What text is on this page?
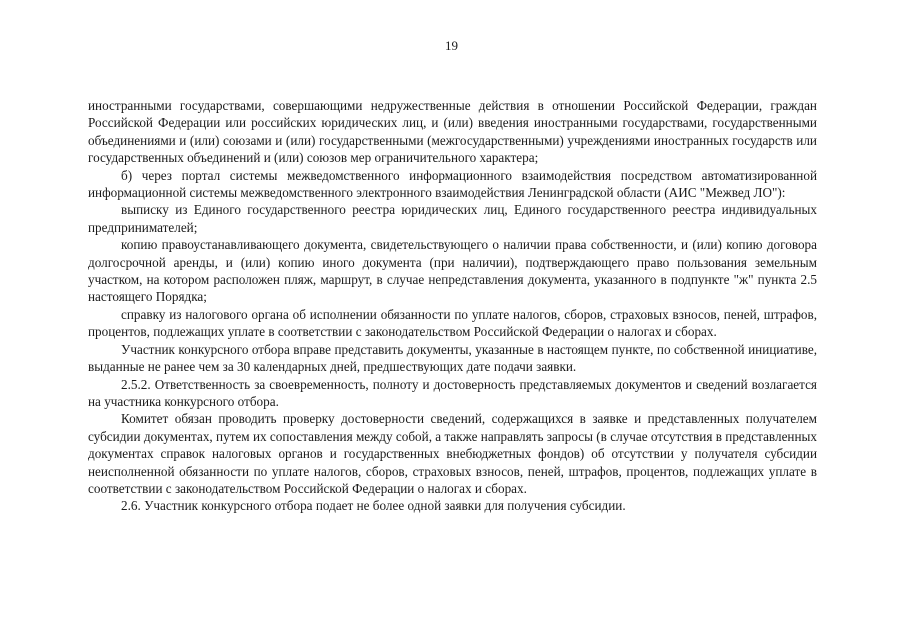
19

иностранными государствами, совершающими недружественные действия в отношении Российской Федерации, граждан Российской Федерации или российских юридических лиц, и (или) введения иностранными государствами, государственными объединениями и (или) союзами и (или) государственными (межгосударственными) учреждениями иностранных государств или государственных объединений и (или) союзов мер ограничительного характера;

б) через портал системы межведомственного информационного взаимодействия посредством автоматизированной информационной системы межведомственного электронного взаимодействия Ленинградской области (АИС "Межвед ЛО"):

выписку из Единого государственного реестра юридических лиц, Единого государственного реестра индивидуальных предпринимателей;

копию правоустанавливающего документа, свидетельствующего о наличии права собственности, и (или) копию договора долгосрочной аренды, и (или) копию иного документа (при наличии), подтверждающего право пользования земельным участком, на котором расположен пляж, маршрут, в случае непредставления документа, указанного в подпункте "ж" пункта 2.5 настоящего Порядка;

справку из налогового органа об исполнении обязанности по уплате налогов, сборов, страховых взносов, пеней, штрафов, процентов, подлежащих уплате в соответствии с законодательством Российской Федерации о налогах и сборах.

Участник конкурсного отбора вправе представить документы, указанные в настоящем пункте, по собственной инициативе, выданные не ранее чем за 30 календарных дней, предшествующих дате подачи заявки.

2.5.2. Ответственность за своевременность, полноту и достоверность представляемых документов и сведений возлагается на участника конкурсного отбора.

Комитет обязан проводить проверку достоверности сведений, содержащихся в заявке и представленных получателем субсидии документах, путем их сопоставления между собой, а также направлять запросы (в случае отсутствия в представленных документах справок налоговых органов и государственных внебюджетных фондов) об отсутствии у получателя субсидии неисполненной обязанности по уплате налогов, сборов, страховых взносов, пеней, штрафов, процентов, подлежащих уплате в соответствии с законодательством Российской Федерации о налогах и сборах.

2.6. Участник конкурсного отбора подает не более одной заявки для получения субсидии.
